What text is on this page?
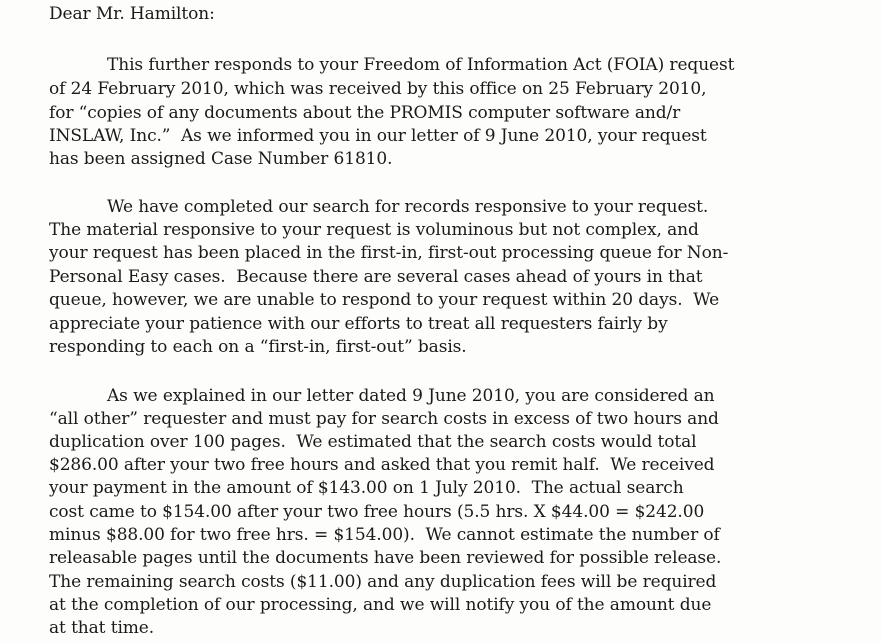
Dear Mr. Hamilton:

This further responds to your Freedom of Information Act (FOIA) request

of 24 February 2010, which was received by this office on 25 February 2010,

for “copies of any documents about the PROMIS computer software and/r

INSLAW, Inc.”  As we informed you in our letter of 9 June 2010, your request

has been assigned Case Number 61810.

We have completed our search for records responsive to your request.

The material responsive to your request is voluminous but not complex, and

your request has been placed in the first-in, first-out processing queue for Non-

Personal Easy cases.  Because there are several cases ahead of yours in that

queue, however, we are unable to respond to your request within 20 days.  We

appreciate your patience with our efforts to treat all requesters fairly by

responding to each on a “first-in, first-out” basis.

As we explained in our letter dated 9 June 2010, you are considered an

“all other” requester and must pay for search costs in excess of two hours and

duplication over 100 pages.  We estimated that the search costs would total

$286.00 after your two free hours and asked that you remit half.  We received

your payment in the amount of $143.00 on 1 July 2010.  The actual search

cost came to $154.00 after your two free hours (5.5 hrs. X $44.00 = $242.00

minus $88.00 for two free hrs. = $154.00).  We cannot estimate the number of

releasable pages until the documents have been reviewed for possible release.

The remaining search costs ($11.00) and any duplication fees will be required

at the completion of our processing, and we will notify you of the amount due

at that time.
